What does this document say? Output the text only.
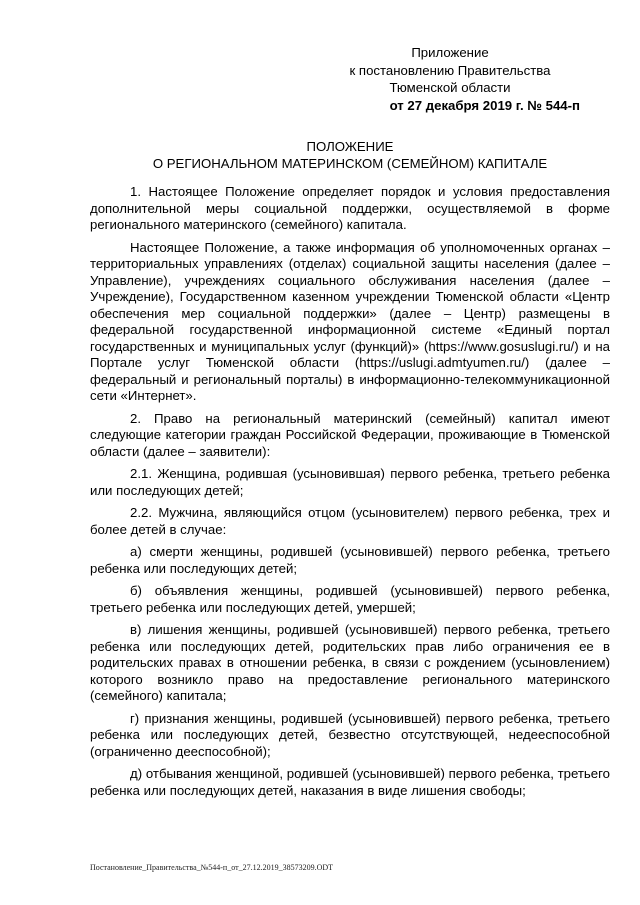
Приложение
к постановлению Правительства
Тюменской области
от 27 декабря 2019 г. № 544-п
ПОЛОЖЕНИЕ
О РЕГИОНАЛЬНОМ МАТЕРИНСКОМ (СЕМЕЙНОМ) КАПИТАЛЕ

1. Настоящее Положение определяет порядок и условия предоставления дополнительной меры социальной поддержки, осуществляемой в форме регионального материнского (семейного) капитала.

Настоящее Положение, а также информация об уполномоченных органах – территориальных управлениях (отделах) социальной защиты населения (далее – Управление), учреждениях социального обслуживания населения (далее – Учреждение), Государственном казенном учреждении Тюменской области «Центр обеспечения мер социальной поддержки» (далее – Центр) размещены в федеральной государственной информационной системе «Единый портал государственных и муниципальных услуг (функций)» (https://www.gosuslugi.ru/) и на Портале услуг Тюменской области (https://uslugi.admtyumen.ru/) (далее – федеральный и региональный порталы) в информационно-телекоммуникационной сети «Интернет».

2. Право на региональный материнский (семейный) капитал имеют следующие категории граждан Российской Федерации, проживающие в Тюменской области (далее – заявители):

2.1. Женщина, родившая (усыновившая) первого ребенка, третьего ребенка или последующих детей;

2.2. Мужчина, являющийся отцом (усыновителем) первого ребенка, трех и более детей в случае:

а) смерти женщины, родившей (усыновившей) первого ребенка, третьего ребенка или последующих детей;

б) объявления женщины, родившей (усыновившей) первого ребенка, третьего ребенка или последующих детей, умершей;

в) лишения женщины, родившей (усыновившей) первого ребенка, третьего ребенка или последующих детей, родительских прав либо ограничения ее в родительских правах в отношении ребенка, в связи с рождением (усыновлением) которого возникло право на предоставление регионального материнского (семейного) капитала;

г) признания женщины, родившей (усыновившей) первого ребенка, третьего ребенка или последующих детей, безвестно отсутствующей, недееспособной (ограниченно дееспособной);

д) отбывания женщиной, родившей (усыновившей) первого ребенка, третьего ребенка или последующих детей, наказания в виде лишения свободы;

Постановление_Правительства_№544-п_от_27.12.2019_38573209.ODT
